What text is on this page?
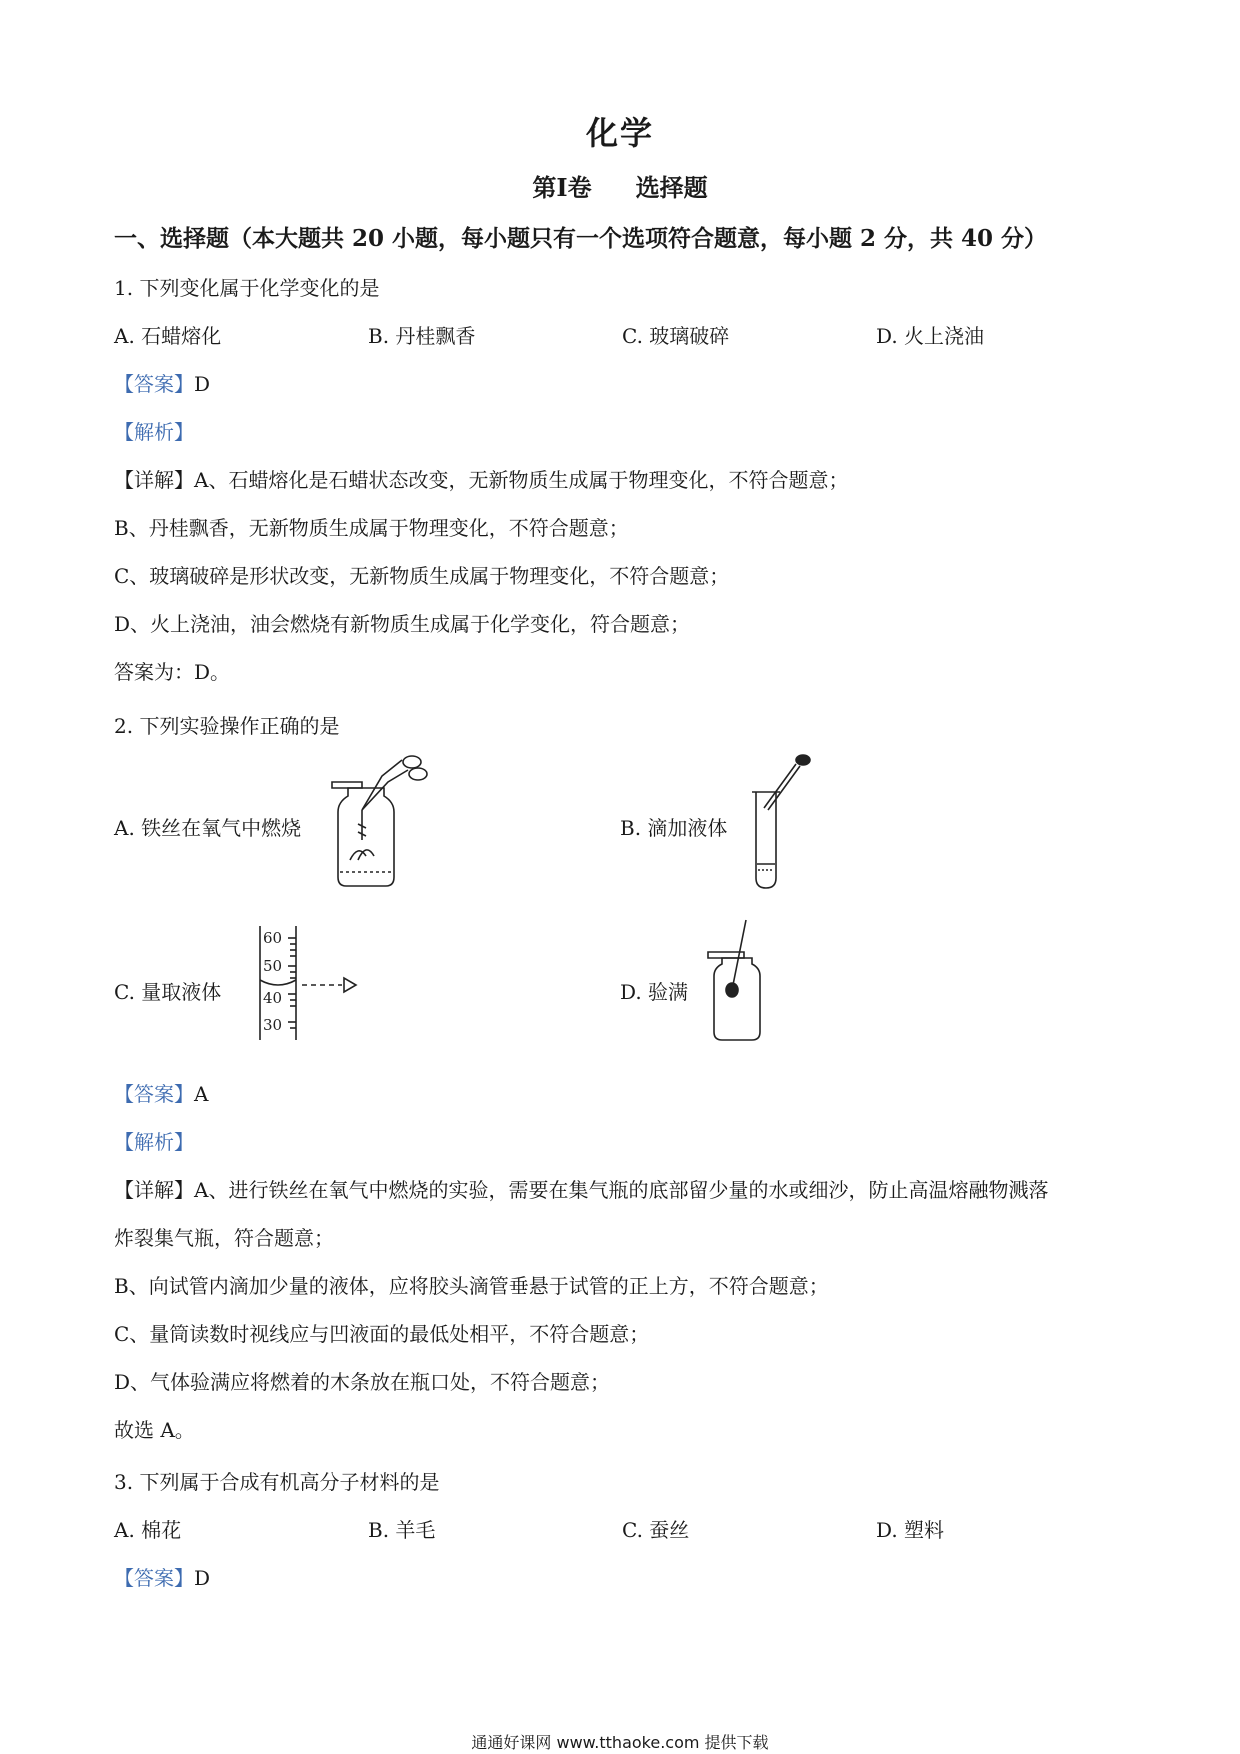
化学
第Ⅰ卷 选择题
一、选择题（本大题共 20 小题，每小题只有一个选项符合题意，每小题 2 分，共 40 分）
1. 下列变化属于化学变化的是
A. 石蜡熔化	B. 丹桂飘香	C. 玻璃破碎	D. 火上浇油
【答案】D
【解析】
【详解】A、石蜡熔化是石蜡状态改变，无新物质生成属于物理变化，不符合题意；
B、丹桂飘香，无新物质生成属于物理变化，不符合题意；
C、玻璃破碎是形状改变，无新物质生成属于物理变化，不符合题意；
D、火上浇油，油会燃烧有新物质生成属于化学变化，符合题意；
答案为：D。
2. 下列实验操作正确的是
A. 铁丝在氧气中燃烧	B. 滴加液体
C. 量取液体	D. 验满
60
50
40
30
【答案】A
【解析】
【详解】A、进行铁丝在氧气中燃烧的实验，需要在集气瓶的底部留少量的水或细沙，防止高温熔融物溅落
炸裂集气瓶，符合题意；
B、向试管内滴加少量的液体，应将胶头滴管垂悬于试管的正上方，不符合题意；
C、量筒读数时视线应与凹液面的最低处相平，不符合题意；
D、气体验满应将燃着的木条放在瓶口处，不符合题意；
故选 A。
3. 下列属于合成有机高分子材料的是
A. 棉花	B. 羊毛	C. 蚕丝	D. 塑料
【答案】D
通通好课网 www.tthaoke.com 提供下载
